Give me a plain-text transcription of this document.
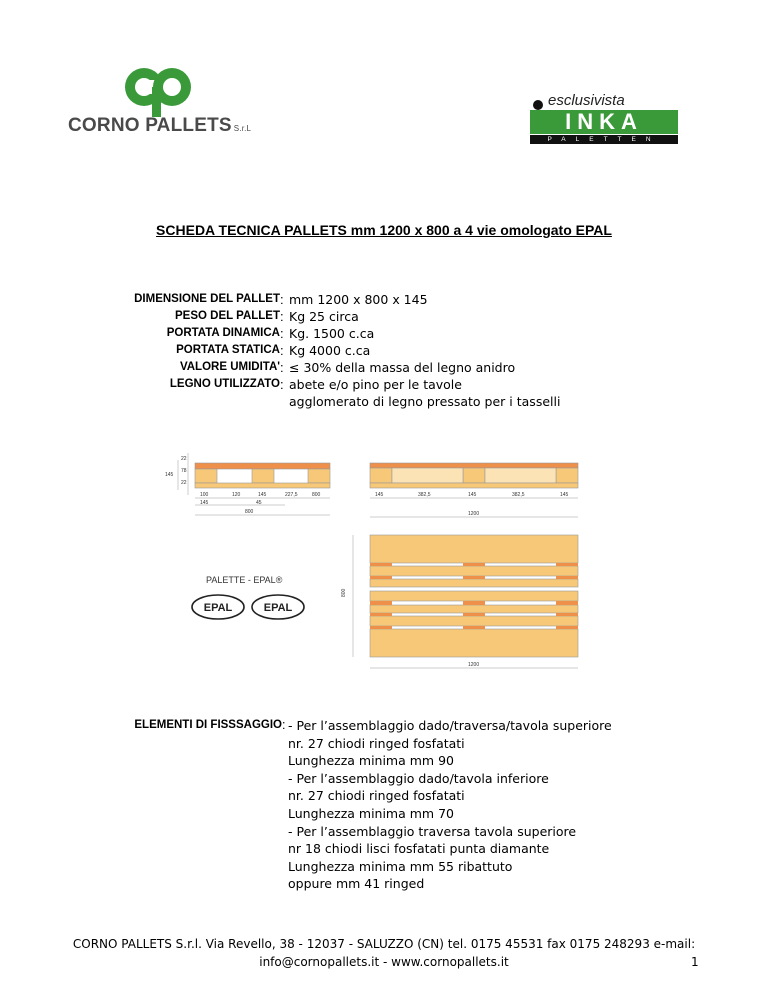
CORNO PALLETS S.r.L
esclusivista
INKA
PALETTEN
SCHEDA TECNICA PALLETS mm 1200 x 800 a 4 vie omologato EPAL
DIMENSIONE DEL PALLET : mm 1200 x 800 x 145
PESO DEL PALLET : Kg 25 circa
PORTATA DINAMICA : Kg. 1500 c.ca
PORTATA STATICA : Kg 4000 c.ca
VALORE UMIDITA' : ≤ 30% della massa del legno anidro
LEGNO UTILIZZATO : abete e/o pino per le tavole
agglomerato di legno pressato per i tasselli
100	120	145	227,5	800
145	45
800
22
78
22
145
145	382,5	145	382,5	145
1200
1200
800
PALETTE - EPAL®
EPAL	EPAL
ELEMENTI DI FISSSAGGIO : - Per l’assemblaggio dado/traversa/tavola superiore
nr. 27 chiodi ringed fosfatati
Lunghezza minima mm 90
- Per l’assemblaggio dado/tavola inferiore
nr. 27 chiodi ringed fosfatati
Lunghezza minima mm 70
- Per l’assemblaggio traversa tavola superiore
nr 18 chiodi lisci fosfatati punta diamante
Lunghezza minima mm 55 ribattuto
oppure mm 41 ringed
CORNO PALLETS S.r.l. Via Revello, 38 - 12037 - SALUZZO (CN) tel. 0175 45531 fax 0175 248293 e-mail:
info@cornopallets.it - www.cornopallets.it	1
